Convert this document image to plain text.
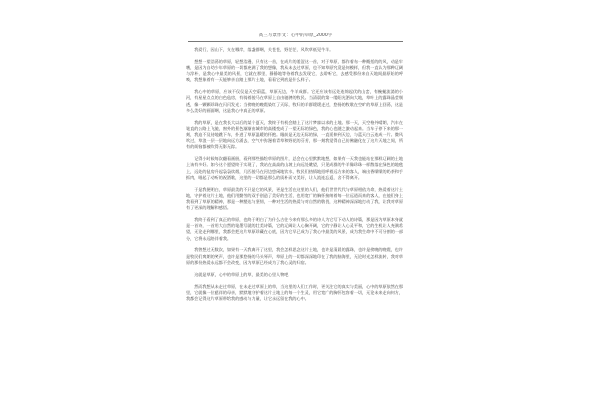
高三写景作文：心中的草原_2000字

我爱行，因山下，支在哪岸，落盏群啊，关苍苍，野茫茫，风吹草低见牛羊。

想想一望浩荡的草原，轻想浩漫，只有这一首，在成片的羞涩这一首，对于草原，都作着布一种概括的的风，动是牢嗜，是因为自幼少年草原的一切都充满了我的想像，我从未去过草原，也不知草原究竟是何模样，但我一直认为那种辽阔与淳朴，是我心中最美的风景，它就在那里，静静地等待着我去发现它，去聆听它，去感受那份来自天地间最原始的呼唤，我想象着有一天能够亲自踏上那片土地，看看它到底是什么样子。

我心中的草原，应该不仅仅是天空蔚蓝，草原无边，牛羊成群。它还应该有远处连绵起伏的山峦，有蜿蜒流淌的小河，有星星点点的白色毡房，有骑着骏马在草原上自由驰骋的牧民。当清晨的第一缕阳光洒向大地，草叶上的露珠晶莹剔透，像一颗颗珍珠在闪闪发光；当傍晚的晚霞染红了天际，牧归的羊群缓缓走过，悠扬的牧歌在空旷的草原上回荡，这是多么美好的画面啊，这是我心中真正的草原。

我的草原，是在我长大以后的某个夏天，我终于有机会踏上了这片梦寐以求的土地。那一天，天空格外晴朗，汽车在笔直的公路上飞驰，窗外的景色渐渐由城市的高楼变成了一望无际的绿色，我的心也随之激动起来。当车子停下来的那一刻，我迫不及待地跳下车，扑进了草原温暖的怀抱。眼前是无边无际的绿，一直延伸到天边，与蓝天白云连成一片。微风吹过，草浪一层一层地向远方涌去，空气中弥漫着青草和野花的芬芳，那一刻我觉得自己仿佛融化在了这片天地之间，所有的烦恼都被吹得无影无踪。

记得小时候每次翻看画册，看到那些描绘草原的图片，总会在心里默默地想，如果有一天我也能站在那样辽阔的土地上该有多好。如今这个愿望终于实现了，我站在高高的山坡上向远处眺望，只见成群的牛羊像珍珠一样散落在绿色的地毯上，远处的毡房升起袅袅炊烟，几匹骏马在河边悠闲地饮水，牧民们热情地招呼着远方来的客人，端出香喷喷的奶茶和手抓肉，唱起了动听的祝酒歌，这里的一切都是那么的质朴而又美好，让人流连忘返，舍不得离开。

于是我便明白，草原最美的不只是它的风景，更是生活在这里的人们，他们世世代代与草原相依为命，热爱着这片土地，守护着这片土地，他们用勤劳的双手创造了美好的生活，也用宽广的胸怀接纳着每一位远道而来的客人，在他们身上我看到了草原的精神，那是一种豁达与坚韧，一种对生活的热爱与对自然的敬畏，这种精神深深地打动了我，让我对草原有了更深的理解和感悟。

我终于看到了真正的草原，也终于明白了为什么古往今来有那么多的诗人为它写下动人的诗篇，那是因为草原本身就是一首诗，一首用大自然的笔墨写就的壮美诗篇，它的辽阔让人心胸开阔，它的宁静让人心灵平和，它的生机让人充满希望，无论走到哪里，我都会把这片草原珍藏在心底，因为它早已成为了我心中最美的风景，成为我生命中不可分割的一部分，它将永远陪伴着我。

我曾想过无数次，如果有一天我离开了这里，我会怎样思念这片土地，也许是清晨的露珠，也许是傍晚的晚霞，也许是牧民们爽朗的笑声，也许是那悠扬的马头琴声，草原上的一切都深深地印在了我的脑海里，无论时光怎样流转，我对草原的那份热爱永远都不会改变，因为草原已经成为了我心灵的归宿。

这就是草原，心中的草原上的草，最美的心里人物吧

然而我想从未走过草原，在未走过草原上的草，当这里的人们工作时，更关注它的真实与美丽，心中的草原依然在那里，它就像一位慈祥的母亲，默默地守护着这片土地上的每一个生灵，用它宽广的胸怀包容着一切，无论未来走向何方，我都会记得这片草原带给我的感动与力量，让它永远留在我的心中。
